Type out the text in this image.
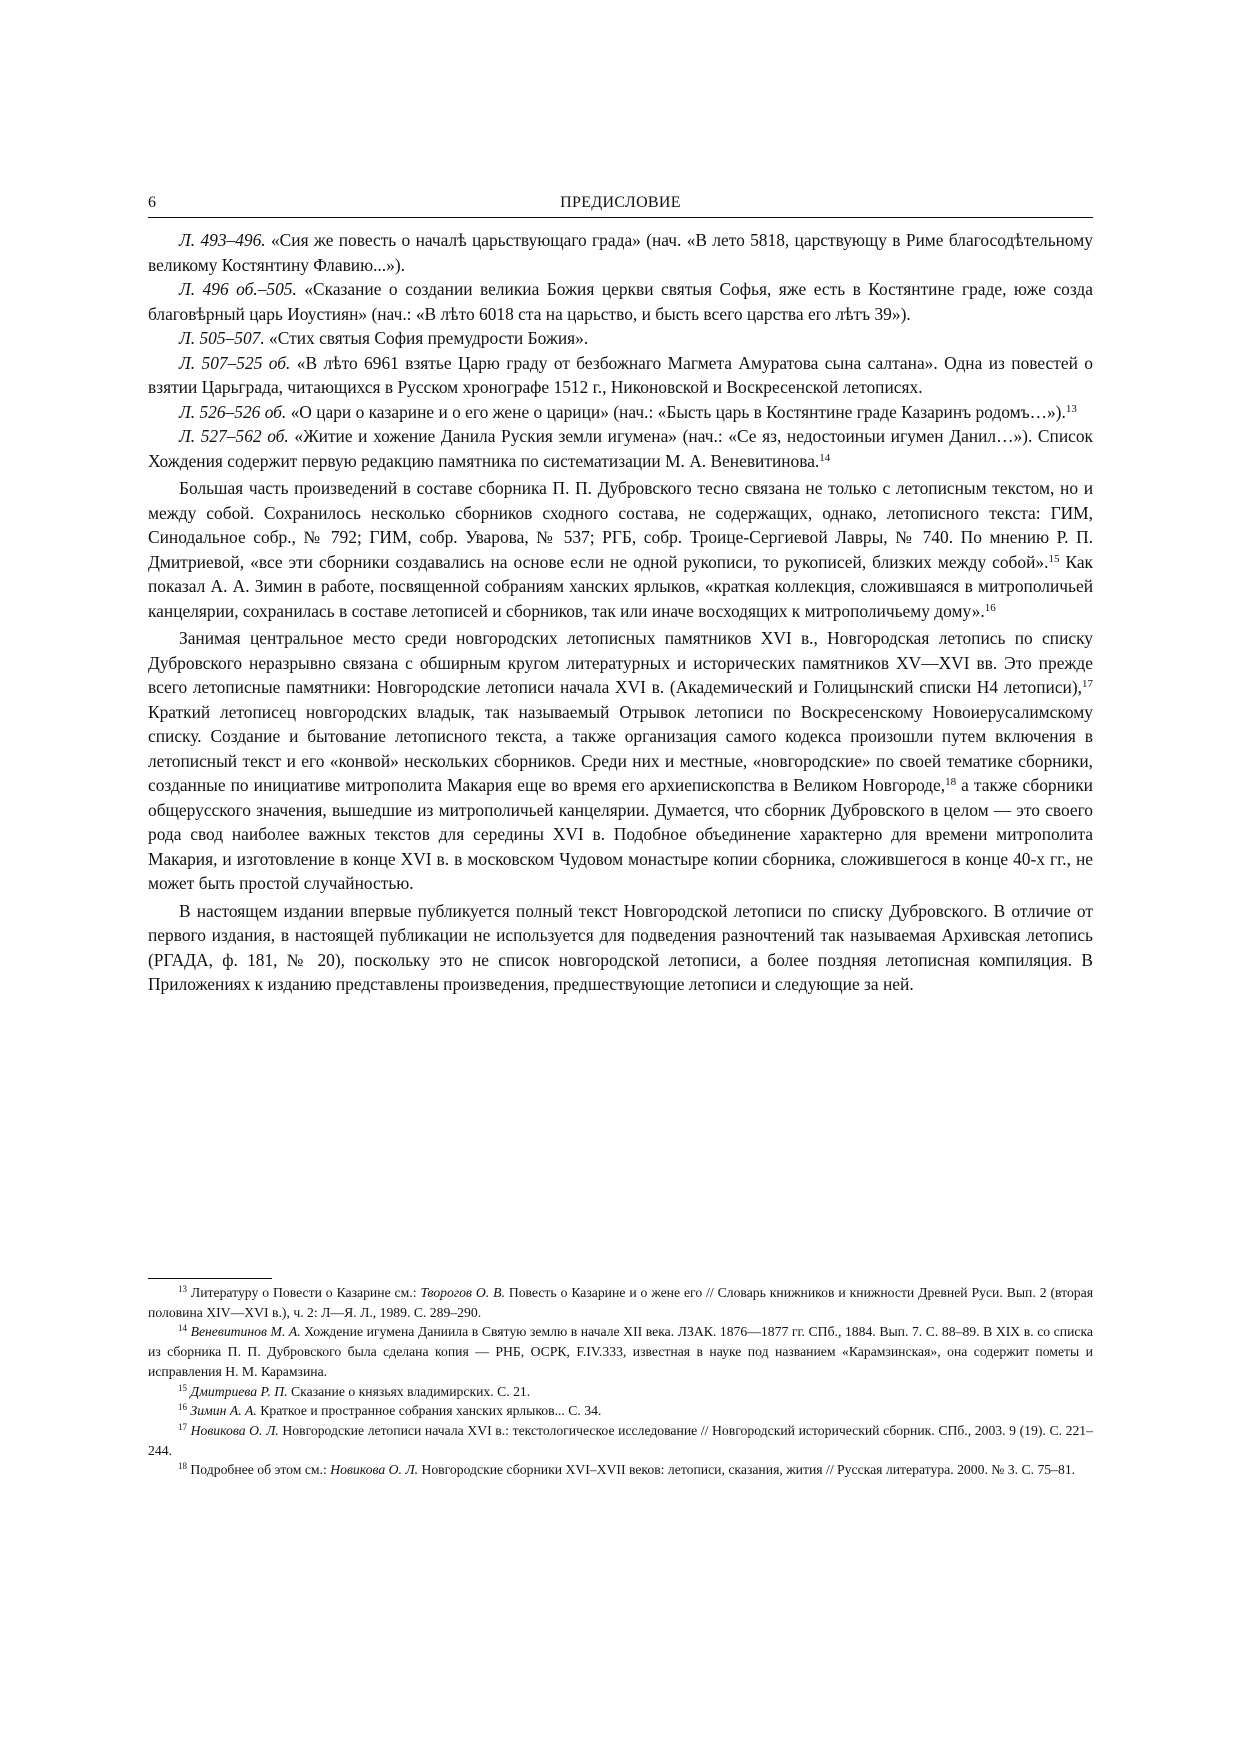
6	ПРЕДИСЛОВИЕ

Л. 493–496. «Сия же повесть о началѣ царьствующаго града» (нач. «В лето 5818, царствующу в Риме благосодѣтельному великому Костянтину Флавию...»).

Л. 496 об.–505. «Сказание о создании великиа Божия церкви святыя Софья, яже есть в Костянтине граде, юже созда благовѣрный царь Иоустиян» (нач.: «В лѣто 6018 ста на царьство, и бысть всего царства его лѣтъ 39»).

Л. 505–507. «Стих святыя София премудрости Божия».

Л. 507–525 об. «В лѣто 6961 взятье Царю граду от безбожнаго Магмета Амуратова сына салтана». Одна из повестей о взятии Царьграда, читающихся в Русском хронографе 1512 г., Никоновской и Воскресенской летописях.

Л. 526–526 об. «О цари о казарине и о его жене о царици» (нач.: «Бысть царь в Костянтине граде Казаринъ родомъ…»).$^{13}$

Л. 527–562 об. «Житие и хожение Данила Руския земли игумена» (нач.: «Се яз, недостоиныи игумен Данил…»). Список Хождения содержит первую редакцию памятника по систематизации М. А. Веневитинова.$^{14}$

Большая часть произведений в составе сборника П. П. Дубровского тесно связана не только с летописным текстом, но и между собой. Сохранилось несколько сборников сходного состава, не содержащих, однако, летописного текста: ГИМ, Синодальное собр., № 792; ГИМ, собр. Уварова, № 537; РГБ, собр. Троице-Сергиевой Лавры, № 740. По мнению Р. П. Дмитриевой, «все эти сборники создавались на основе если не одной рукописи, то рукописей, близких между собой».$^{15}$ Как показал А. А. Зимин в работе, посвященной собраниям ханских ярлыков, «краткая коллекция, сложившаяся в митрополичьей канцелярии, сохранилась в составе летописей и сборников, так или иначе восходящих к митрополичьему дому».$^{16}$

Занимая центральное место среди новгородских летописных памятников XVI в., Новгородская летопись по списку Дубровского неразрывно связана с обширным кругом литературных и исторических памятников XV—XVI вв. Это прежде всего летописные памятники: Новгородские летописи начала XVI в. (Академический и Голицынский списки Н4 летописи),$^{17}$ Краткий летописец новгородских владык, так называемый Отрывок летописи по Воскресенскому Новоиерусалимскому списку. Создание и бытование летописного текста, а также организация самого кодекса произошли путем включения в летописный текст и его «конвой» нескольких сборников. Среди них и местные, «новгородские» по своей тематике сборники, созданные по инициативе митрополита Макария еще во время его архиепископства в Великом Новгороде,$^{18}$ а также сборники общерусского значения, вышедшие из митрополичьей канцелярии. Думается, что сборник Дубровского в целом — это своего рода свод наиболее важных текстов для середины XVI в. Подобное объединение характерно для времени митрополита Макария, и изготовление в конце XVI в. в московском Чудовом монастыре копии сборника, сложившегося в конце 40-х гг., не может быть простой случайностью.

В настоящем издании впервые публикуется полный текст Новгородской летописи по списку Дубровского. В отличие от первого издания, в настоящей публикации не используется для подведения разночтений так называемая Архивская летопись (РГАДА, ф. 181, № 20), поскольку это не список новгородской летописи, а более поздняя летописная компиляция. В Приложениях к изданию представлены произведения, предшествующие летописи и следующие за ней.

$^{13}$ Литературу о Повести о Казарине см.: Творогов О. В. Повесть о Казарине и о жене его // Словарь книжников и книжности Древней Руси. Вып. 2 (вторая половина XIV—XVI в.), ч. 2: Л—Я. Л., 1989. С. 289–290.

$^{14}$ Веневитинов М. А. Хождение игумена Даниила в Святую землю в начале XII века. ЛЗАК. 1876—1877 гг. СПб., 1884. Вып. 7. С. 88–89. В XIX в. со списка из сборника П. П. Дубровского была сделана копия — РНБ, ОСРК, F.IV.333, известная в науке под названием «Карамзинская», она содержит пометы и исправления Н. М. Карамзина.

$^{15}$ Дмитриева Р. П. Сказание о князьях владимирских. С. 21.

$^{16}$ Зимин А. А. Краткое и пространное собрания ханских ярлыков... С. 34.

$^{17}$ Новикова О. Л. Новгородские летописи начала XVI в.: текстологическое исследование // Новгородский исторический сборник. СПб., 2003. 9 (19). С. 221–244.

$^{18}$ Подробнее об этом см.: Новикова О. Л. Новгородские сборники XVI–XVII веков: летописи, сказания, жития // Русская литература. 2000. № 3. С. 75–81.
